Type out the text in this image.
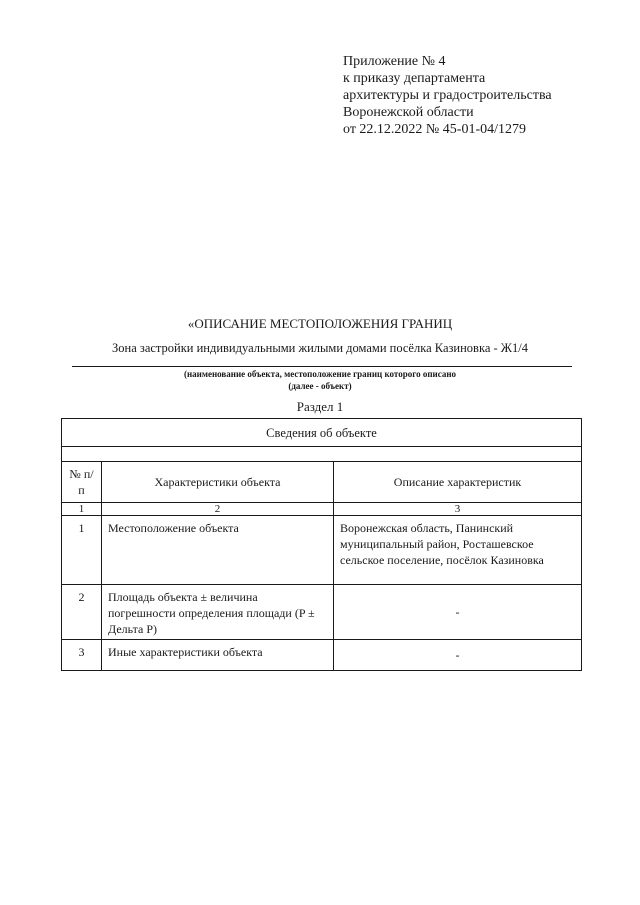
Приложение № 4
к приказу департамента
архитектуры и градостроительства
Воронежской области
от 22.12.2022 № 45-01-04/1279
«ОПИСАНИЕ МЕСТОПОЛОЖЕНИЯ ГРАНИЦ
Зона застройки индивидуальными жилыми домами посёлка Казиновка - Ж1/4
(наименование объекта, местоположение границ которого описано
(далее - объект)
Раздел 1
Сведения об объекте		

№ п/п	Характеристики объекта	Описание характеристик
1	2	3
1	Местоположение объекта	Воронежская область, Панинский муниципальный район, Росташевское сельское поселение, посёлок Казиновка
2	Площадь объекта ± величина погрешности определения площади (P ± Дельта P)	-
3	Иные характеристики объекта	-
